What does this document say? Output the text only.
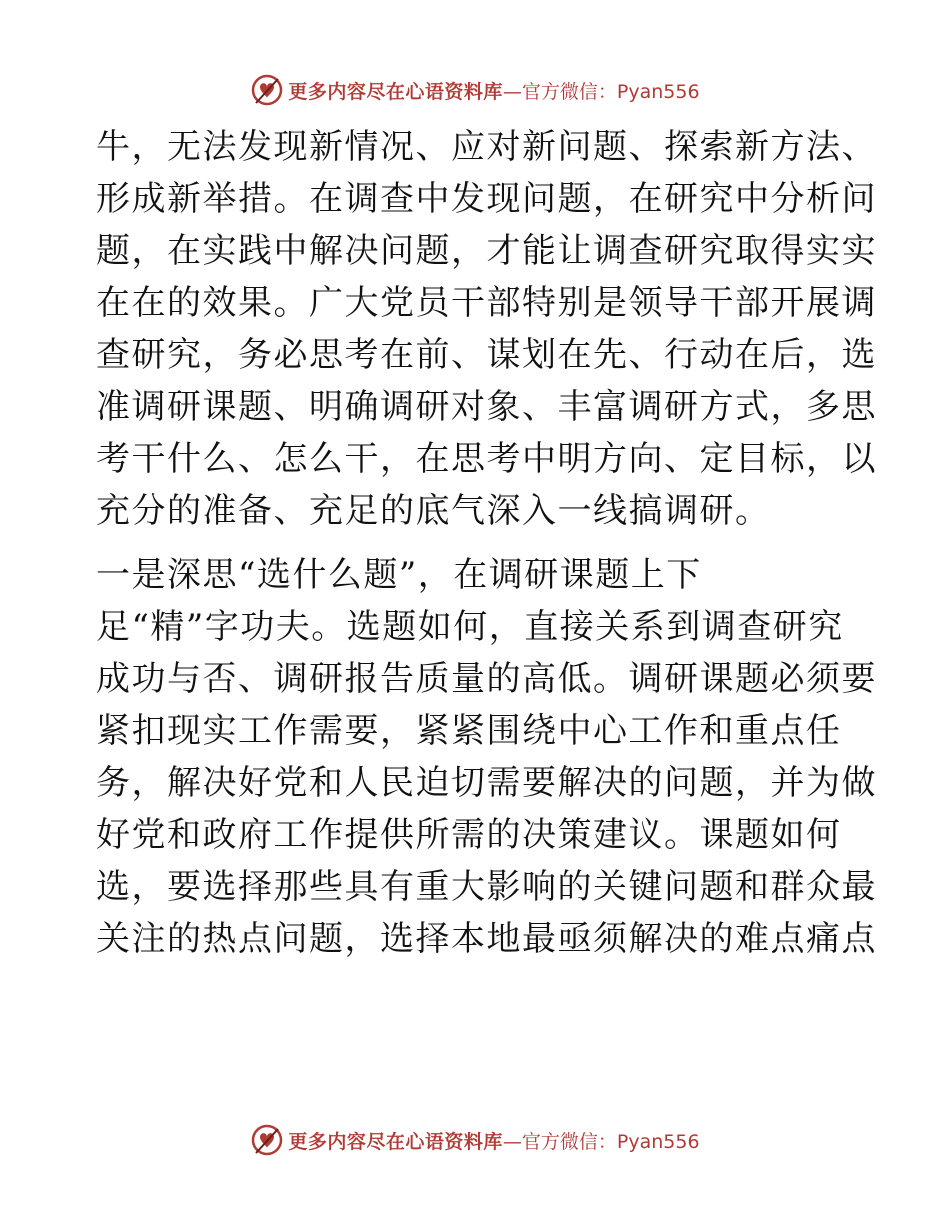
更多内容尽在心语资料库 —官方微信：Pyan556
牛，无法发现新情况、应对新问题、探索新方法、
形成新举措。在调查中发现问题，在研究中分析问
题，在实践中解决问题，才能让调查研究取得实实
在在的效果。广大党员干部特别是领导干部开展调
查研究，务必思考在前、谋划在先、行动在后，选
准调研课题、明确调研对象、丰富调研方式，多思
考干什么、怎么干，在思考中明方向、定目标，以
充分的准备、充足的底气深入一线搞调研。
一是深思“选什么题”，在调研课题上下
足“精”字功夫。选题如何，直接关系到调查研究
成功与否、调研报告质量的高低。调研课题必须要
紧扣现实工作需要，紧紧围绕中心工作和重点任
务，解决好党和人民迫切需要解决的问题，并为做
好党和政府工作提供所需的决策建议。课题如何
选，要选择那些具有重大影响的关键问题和群众最
关注的热点问题，选择本地最亟须解决的难点痛点
更多内容尽在心语资料库 —官方微信：Pyan556
